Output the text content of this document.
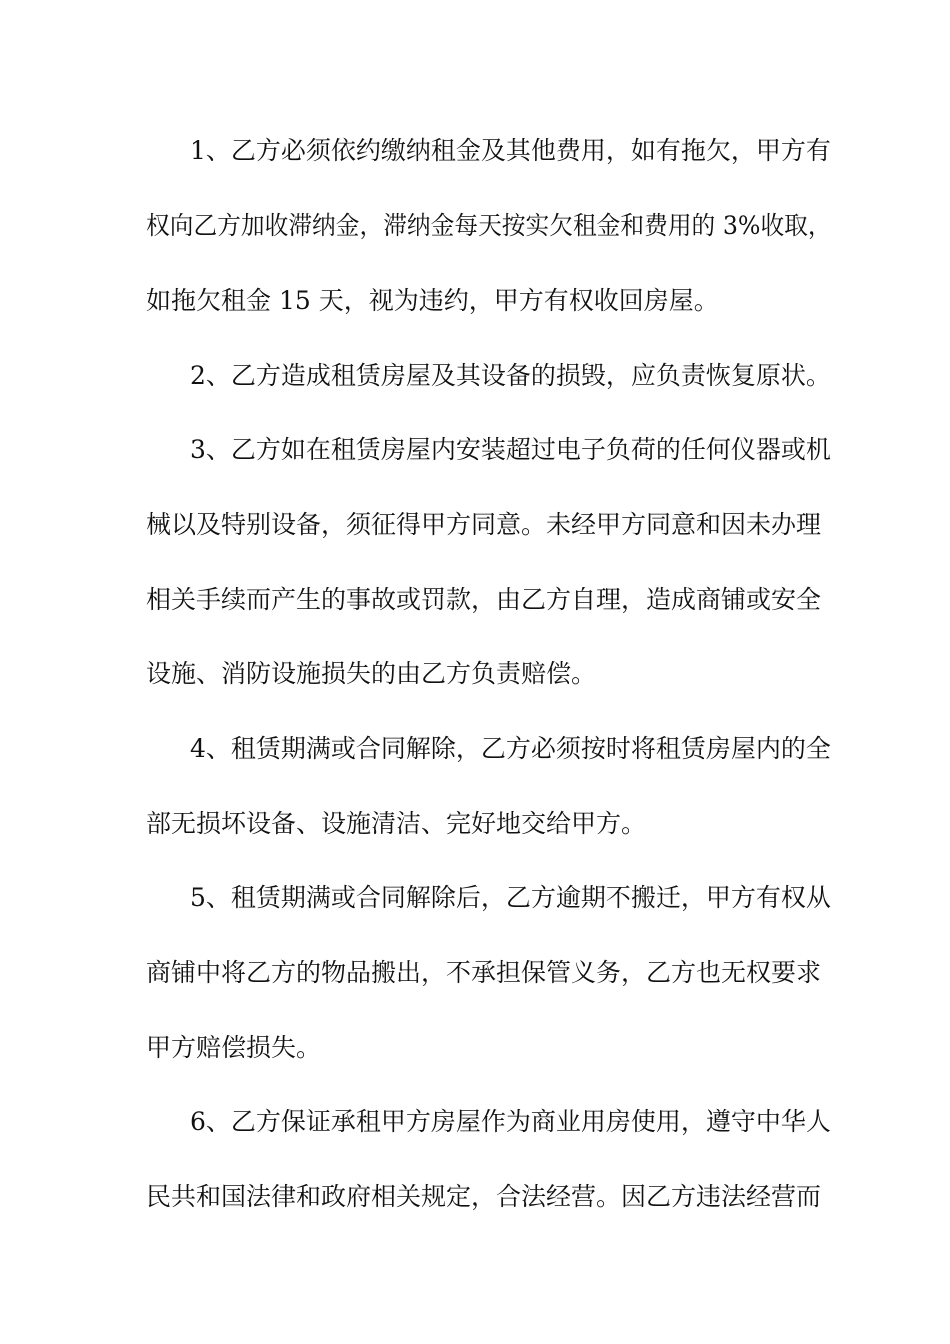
1、乙方必须依约缴纳租金及其他费用，如有拖欠，甲方有
权向乙方加收滞纳金，滞纳金每天按实欠租金和费用的 3%收取，
如拖欠租金 15 天，视为违约，甲方有权收回房屋。
2、乙方造成租赁房屋及其设备的损毁，应负责恢复原状。
3、乙方如在租赁房屋内安装超过电子负荷的任何仪器或机
械以及特别设备，须征得甲方同意。未经甲方同意和因未办理
相关手续而产生的事故或罚款，由乙方自理，造成商铺或安全
设施、消防设施损失的由乙方负责赔偿。
4、租赁期满或合同解除，乙方必须按时将租赁房屋内的全
部无损坏设备、设施清洁、完好地交给甲方。
5、租赁期满或合同解除后，乙方逾期不搬迁，甲方有权从
商铺中将乙方的物品搬出，不承担保管义务，乙方也无权要求
甲方赔偿损失。
6、乙方保证承租甲方房屋作为商业用房使用，遵守中华人
民共和国法律和政府相关规定，合法经营。因乙方违法经营而
